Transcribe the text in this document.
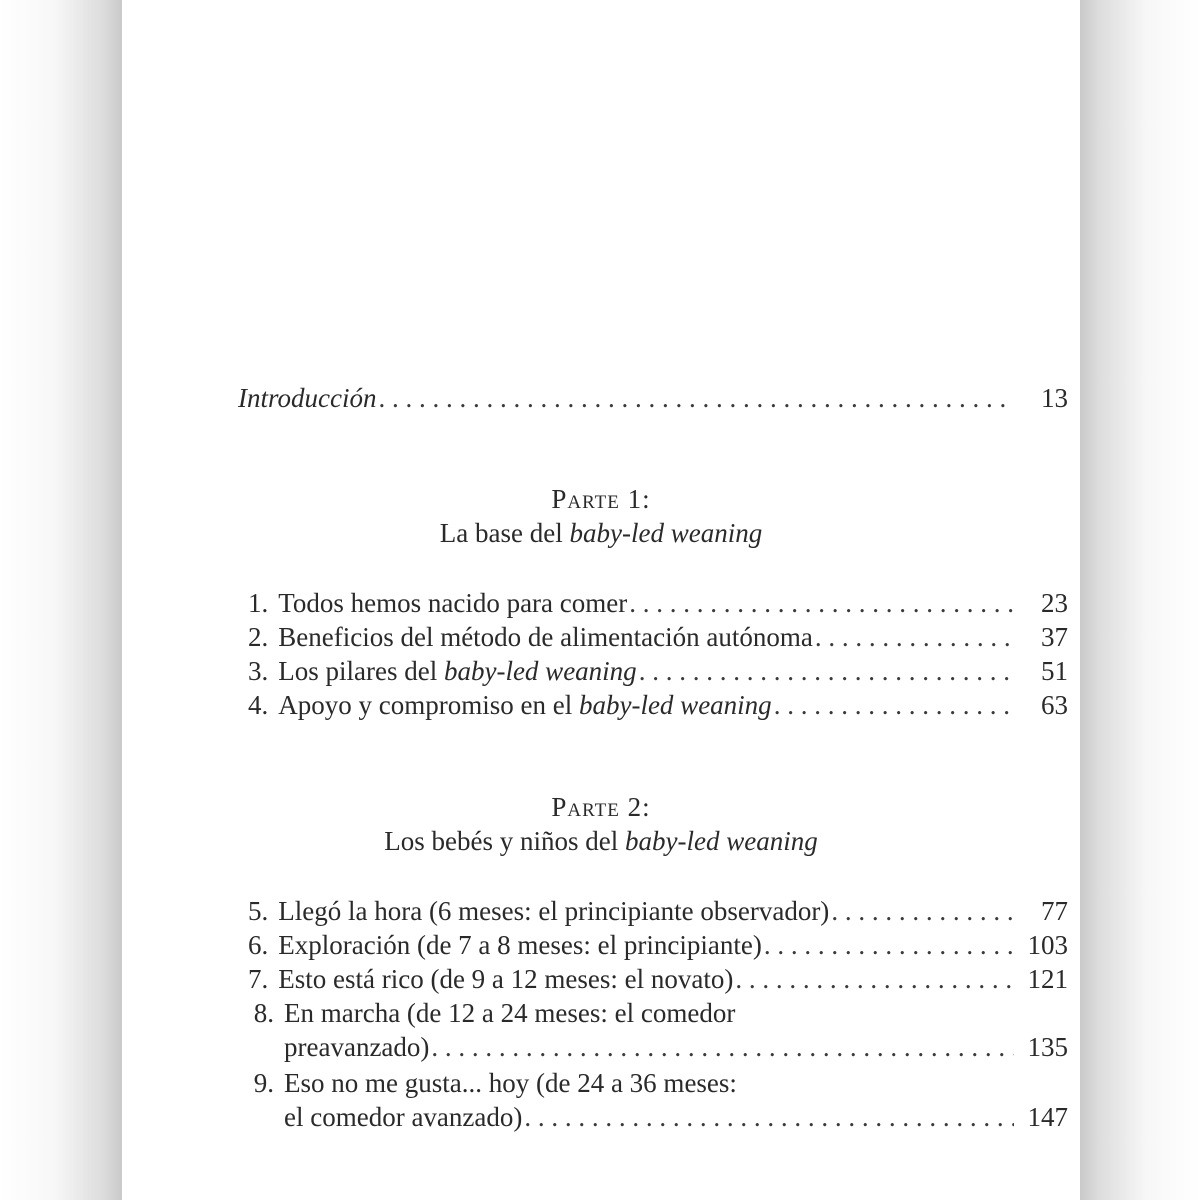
Introducción . . .	13
Parte 1:
La base del baby-led weaning
1. Todos hemos nacido para comer . . .	23
2. Beneficios del método de alimentación autónoma . . .	37
3. Los pilares del baby-led weaning . . .	51
4. Apoyo y compromiso en el baby-led weaning . . .	63
Parte 2:
Los bebés y niños del baby-led weaning
5. Llegó la hora (6 meses: el principiante observador) . . .	77
6. Exploración (de 7 a 8 meses: el principiante) . . .	103
7. Esto está rico (de 9 a 12 meses: el novato) . . .	121
8. En marcha (de 12 a 24 meses: el comedor
preavanzado) . . .	135
9. Eso no me gusta... hoy (de 24 a 36 meses:
el comedor avanzado) . . .	147
